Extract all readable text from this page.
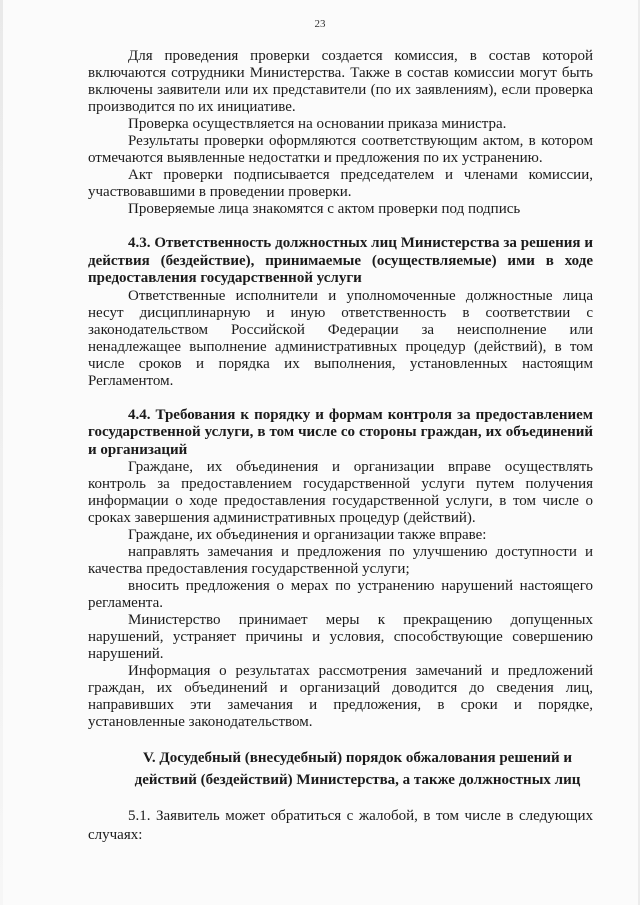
23

Для проведения проверки создается комиссия, в состав которой включаются сотрудники Министерства. Также в состав комиссии могут быть включены заявители или их представители (по их заявлениям), если проверка производится по их инициативе.

Проверка осуществляется на основании приказа министра.

Результаты проверки оформляются соответствующим актом, в котором отмечаются выявленные недостатки и предложения по их устранению.

Акт проверки подписывается председателем и членами комиссии, участвовавшими в проведении проверки.

Проверяемые лица знакомятся с актом проверки под подпись

4.3. Ответственность должностных лиц Министерства за решения и действия (бездействие), принимаемые (осуществляемые) ими в ходе предоставления государственной услуги

Ответственные исполнители и уполномоченные должностные лица несут дисциплинарную и иную ответственность в соответствии с законодательством Российской Федерации за неисполнение или ненадлежащее выполнение административных процедур (действий), в том числе сроков и порядка их выполнения, установленных настоящим Регламентом.

4.4. Требования к порядку и формам контроля за предоставлением государственной услуги, в том числе со стороны граждан, их объединений и организаций

Граждане, их объединения и организации вправе осуществлять контроль за предоставлением государственной услуги путем получения информации о ходе предоставления государственной услуги, в том числе о сроках завершения административных процедур (действий).

Граждане, их объединения и организации также вправе:

направлять замечания и предложения по улучшению доступности и качества предоставления государственной услуги;

вносить предложения о мерах по устранению нарушений настоящего регламента.

Министерство принимает меры к прекращению допущенных нарушений, устраняет причины и условия, способствующие совершению нарушений.

Информация о результатах рассмотрения замечаний и предложений граждан, их объединений и организаций доводится до сведения лиц, направивших эти замечания и предложения, в сроки и порядке, установленные законодательством.

V. Досудебный (внесудебный) порядок обжалования решений и
действий (бездействий) Министерства, а также должностных лиц

5.1. Заявитель может обратиться с жалобой, в том числе в следующих случаях:
